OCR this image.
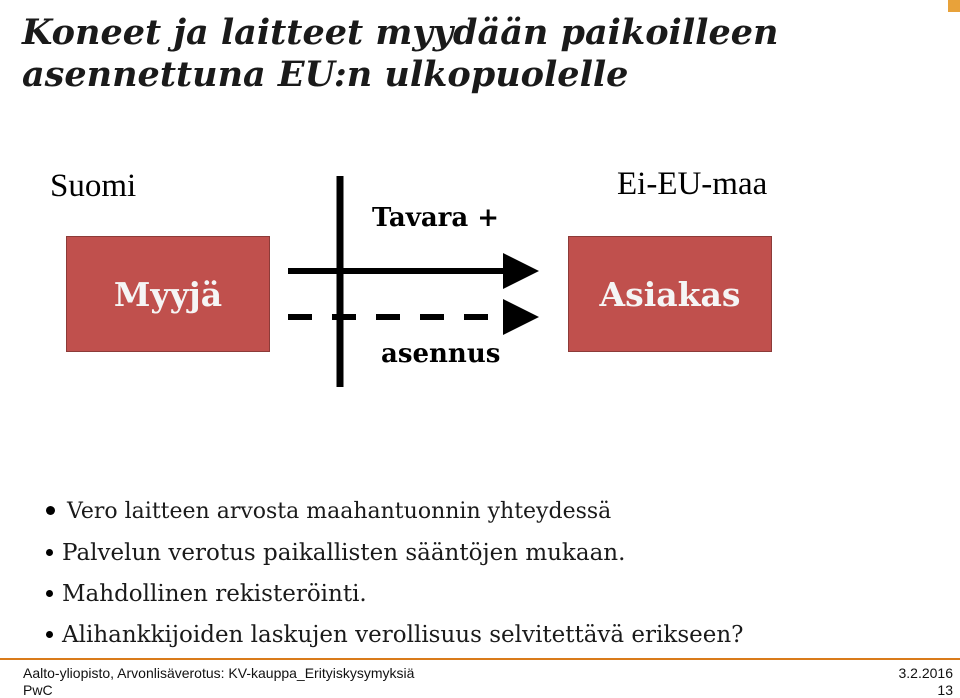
Koneet ja laitteet myydään paikoilleen
asennettuna EU:n ulkopuolelle
Suomi	Ei-EU-maa
Myyjä	Asiakas
Tavara +
asennus
Vero laitteen arvosta maahantuonnin yhteydessä
Palvelun verotus paikallisten sääntöjen mukaan.
Mahdollinen rekisteröinti.
Alihankkijoiden laskujen verollisuus selvitettävä erikseen?
Aalto-yliopisto, Arvonlisäverotus: KV-kauppa_Erityiskysymyksiä
PwC
3.2.2016
13
